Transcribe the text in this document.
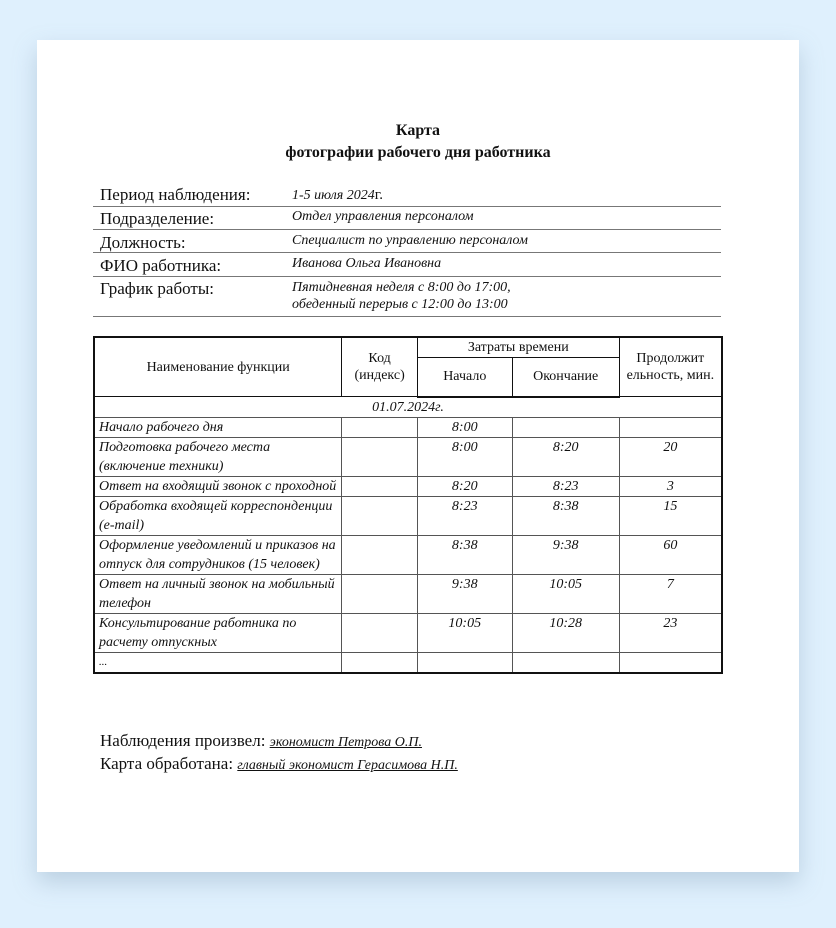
Карта
фотографии рабочего дня работника
Период наблюдения:	1-5 июля 2024г.
Подразделение:	Отдел управления персоналом
Должность:	Специалист по управлению персоналом
ФИО работника:	Иванова Ольга Ивановна
График работы:	Пятидневная неделя с 8:00 до 17:00,
обеденный перерыв с 12:00 до 13:00
Наименование функции	Код (индекс)	Затраты времени		Продолжит ельность, мин.
		Начало	Окончание	
01.07.2024г.				
Начало рабочего дня		8:00		
Подготовка рабочего места (включение техники)		8:00	8:20	20
Ответ на входящий звонок с проходной		8:20	8:23	3
Обработка входящей корреспонденции (e-mail)		8:23	8:38	15
Оформление уведомлений и приказов на отпуск для сотрудников (15 человек)		8:38	9:38	60
Ответ на личный звонок на мобильный телефон		9:38	10:05	7
Консультирование работника по расчету отпускных		10:05	10:28	23
...				
Наблюдения произвел: экономист Петрова О.П.
Карта обработана: главный экономист Герасимова Н.П.
